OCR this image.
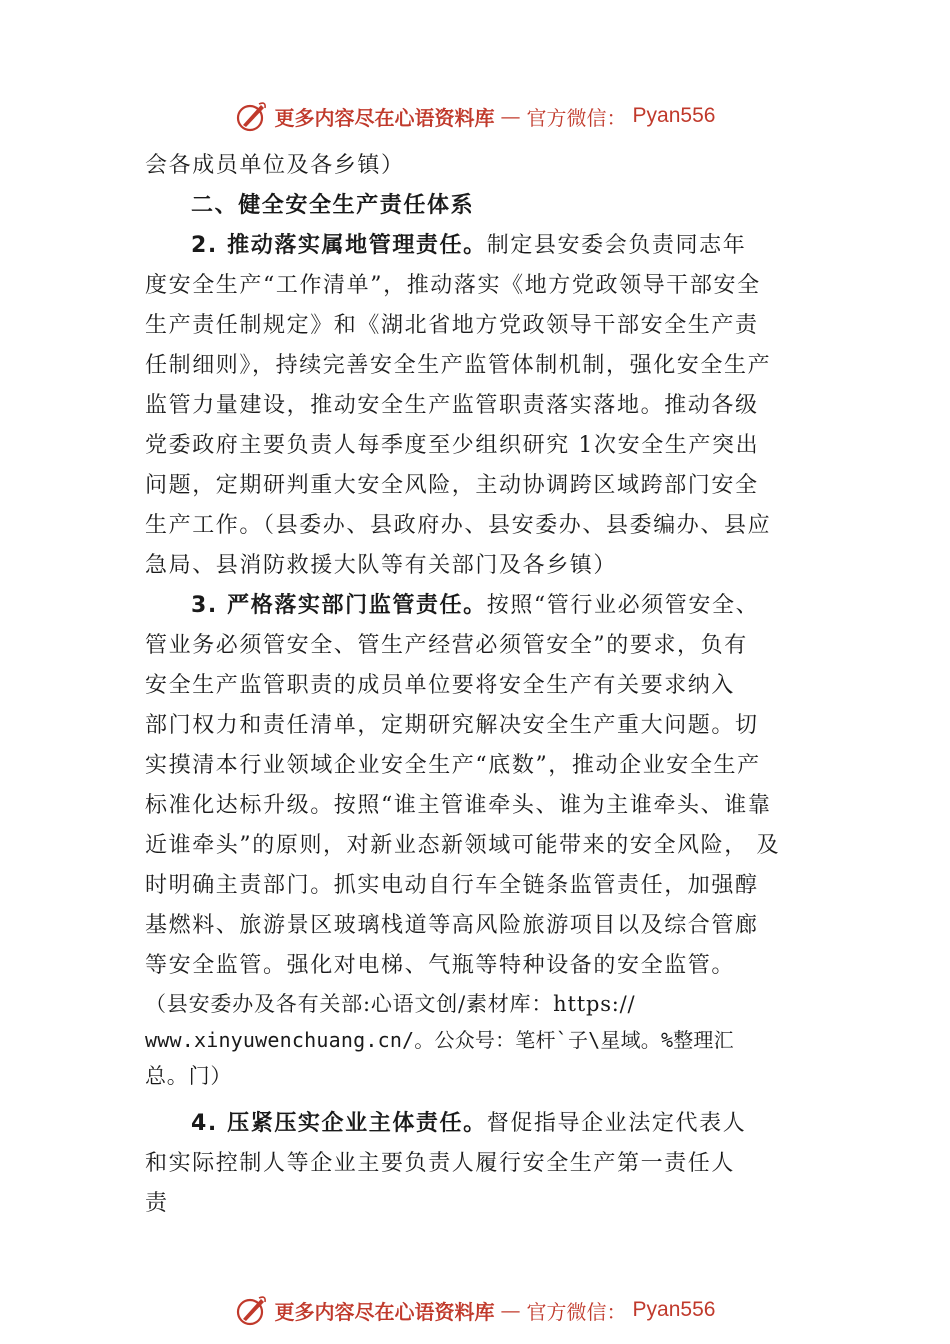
更多内容尽在心语资料库 — 官方微信： Pyan556
会各成员单位及各乡镇）
二、健全安全生产责任体系
2. 推动落实属地管理责任。制定县安委会负责同志年
度安全生产“工作清单”，推动落实《地方党政领导干部安全
生产责任制规定》和《湖北省地方党政领导干部安全生产责
任制细则》，持续完善安全生产监管体制机制，强化安全生产
监管力量建设，推动安全生产监管职责落实落地。推动各级
党委政府主要负责人每季度至少组织研究 1次安全生产突出
问题，定期研判重大安全风险，主动协调跨区域跨部门安全
生产工作。（县委办、县政府办、县安委办、县委编办、县应
急局、县消防救援大队等有关部门及各乡镇）
3. 严格落实部门监管责任。按照“管行业必须管安全、
管业务必须管安全、管生产经营必须管安全”的要求，负有
安全生产监管职责的成员单位要将安全生产有关要求纳入
部门权力和责任清单，定期研究解决安全生产重大问题。切
实摸清本行业领域企业安全生产“底数”，推动企业安全生产
标准化达标升级。按照“谁主管谁牵头、谁为主谁牵头、谁靠
近谁牵头”的原则，对新业态新领域可能带来的安全风险， 及
时明确主责部门。抓实电动自行车全链条监管责任，加强醇
基燃料、旅游景区玻璃栈道等高风险旅游项目以及综合管廊
等安全监管。强化对电梯、气瓶等特种设备的安全监管。
（县安委办及各有关部:心语文创/素材库：https://
www.xinyuwenchuang.cn/。公众号：笔杆`子\星域。%整理汇
总。门）
4. 压紧压实企业主体责任。督促指导企业法定代表人
和实际控制人等企业主要负责人履行安全生产第一责任人
责
更多内容尽在心语资料库 — 官方微信： Pyan556
